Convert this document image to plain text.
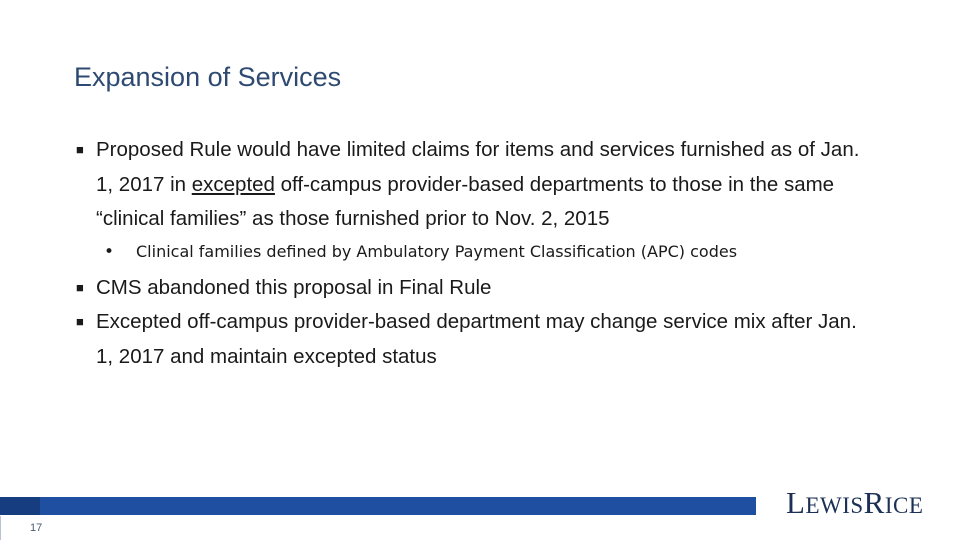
Expansion of Services
■ Proposed Rule would have limited claims for items and services furnished as of Jan. 1, 2017 in excepted off-campus provider-based departments to those in the same “clinical families” as those furnished prior to Nov. 2, 2015

• Clinical families defined by Ambulatory Payment Classification (APC) codes
■ CMS abandoned this proposal in Final Rule

■ Excepted off-campus provider-based department may change service mix after Jan. 1, 2017 and maintain excepted status

17
LEWISRICE
